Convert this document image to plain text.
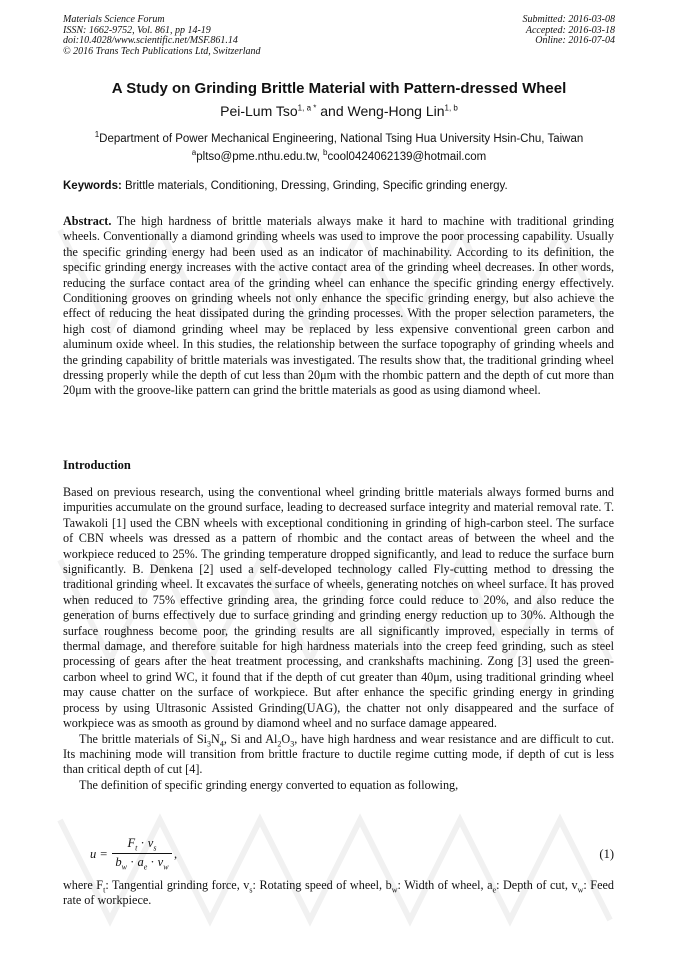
Materials Science Forum
ISSN: 1662-9752, Vol. 861, pp 14-19
doi:10.4028/www.scientific.net/MSF.861.14
© 2016 Trans Tech Publications Ltd, Switzerland
Submitted: 2016-03-08
Accepted: 2016-03-18
Online: 2016-07-04
A Study on Grinding Brittle Material with Pattern-dressed Wheel
Pei-Lum Tso$^{1, a *}$ and Weng-Hong Lin$^{1, b}$
$^1$Department of Power Mechanical Engineering, National Tsing Hua University Hsin-Chu, Taiwan
$^a$pltso@pme.nthu.edu.tw, $^b$cool0424062139@hotmail.com
Keywords: Brittle materials, Conditioning, Dressing, Grinding, Specific grinding energy.

Abstract. The high hardness of brittle materials always make it hard to machine with traditional grinding wheels. Conventionally a diamond grinding wheels was used to improve the poor processing capability. Usually the specific grinding energy had been used as an indicator of machinability. According to its definition, the specific grinding energy increases with the active contact area of the grinding wheel decreases. In other words, reducing the surface contact area of the grinding wheel can enhance the specific grinding energy effectively. Conditioning grooves on grinding wheels not only enhance the specific grinding energy, but also achieve the effect of reducing the heat dissipated during the grinding processes. With the proper selection parameters, the high cost of diamond grinding wheel may be replaced by less expensive conventional green carbon and aluminum oxide wheel. In this studies, the relationship between the surface topography of grinding wheels and the grinding capability of brittle materials was investigated. The results show that, the traditional grinding wheel dressing properly while the depth of cut less than 20μm with the rhombic pattern and the depth of cut more than 20μm with the groove-like pattern can grind the brittle materials as good as using diamond wheel.

Introduction

Based on previous research, using the conventional wheel grinding brittle materials always formed burns and impurities accumulate on the ground surface, leading to decreased surface integrity and material removal rate. T. Tawakoli [1] used the CBN wheels with exceptional conditioning in grinding of high-carbon steel. The surface of CBN wheels was dressed as a pattern of rhombic and the contact areas of between the wheel and the workpiece reduced to 25%. The grinding temperature dropped significantly, and lead to reduce the surface burn significantly. B. Denkena [2] used a self-developed technology called Fly-cutting method to dressing the traditional grinding wheel. It excavates the surface of wheels, generating notches on wheel surface. It has proved when reduced to 75% effective grinding area, the grinding force could reduce to 20%, and also reduce the generation of burns effectively due to surface grinding and grinding energy reduction up to 30%. Although the surface roughness become poor, the grinding results are all significantly improved, especially in terms of thermal damage, and therefore suitable for high hardness materials into the creep feed grinding, such as steel processing of gears after the heat treatment processing, and crankshafts machining. Zong [3] used the green-carbon wheel to grind WC, it found that if the depth of cut greater than 40μm, using traditional grinding wheel may cause chatter on the surface of workpiece. But after enhance the specific grinding energy in grinding process by using Ultrasonic Assisted Grinding(UAG), the chatter not only disappeared and the surface of workpiece was as smooth as ground by diamond wheel and no surface damage appeared.

The brittle materials of $Si_3N_4$, Si and $Al_2O_3$, have high hardness and wear resistance and are difficult to cut. Its machining mode will transition from brittle fracture to ductile regime cutting mode, if depth of cut is less than critical depth of cut [4].

The definition of specific grinding energy converted to equation as following,

$u = \frac{F_t \cdot v_s}{b_w \cdot a_e \cdot v_w}$ ,	(1)
where $F_t$: Tangential grinding force, $v_s$: Rotating speed of wheel, $b_w$: Width of wheel, $a_e$: Depth of cut, $v_w$: Feed rate of workpiece.
